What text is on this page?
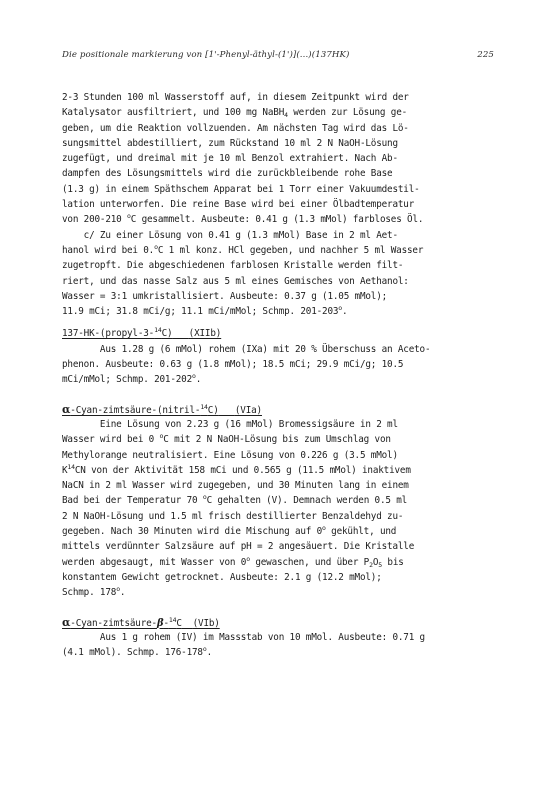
Die positionale markierung von [1'-Phenyl-äthyl-(1')](...)(137HK)	225
2-3 Stunden 100 ml Wasserstoff auf, in diesem Zeitpunkt wird der
Katalysator ausfiltriert, und 100 mg NaBH$_4$ werden zur Lösung ge-
geben, um die Reaktion vollzuenden. Am nächsten Tag wird das Lö-
sungsmittel abdestilliert, zum Rückstand 10 ml 2 N NaOH-Lösung
zugefügt, und dreimal mit je 10 ml Benzol extrahiert. Nach Ab-
dampfen des Lösungsmittels wird die zurückbleibende rohe Base
(1.3 g) in einem Späthschem Apparat bei 1 Torr einer Vakuumdestil-
lation unterworfen. Die reine Base wird bei einer Ölbadtemperatur
von 200-210 $^o$C gesammelt. Ausbeute: 0.41 g (1.3 mMol) farbloses Öl.
c/ Zu einer Lösung von 0.41 g (1.3 mMol) Base in 2 ml Aet-
hanol wird bei 0.$^o$C 1 ml konz. HCl gegeben, und nachher 5 ml Wasser
zugetropft. Die abgeschiedenen farblosen Kristalle werden filt-
riert, und das nasse Salz aus 5 ml eines Gemisches von Aethanol:
Wasser = 3:1 umkristallisiert. Ausbeute: 0.37 g (1.05 mMol);
11.9 mCi; 31.8 mCi/g; 11.1 mCi/mMol; Schmp. 201-203$^o$.
137-HK-(propyl-3-$^{14}$C) (XIIb)
Aus 1.28 g (6 mMol) rohem (IXa) mit 20 % Überschuss an Aceto-
phenon. Ausbeute: 0.63 g (1.8 mMol); 18.5 mCi; 29.9 mCi/g; 10.5
mCi/mMol; Schmp. 201-202$^o$.
α-Cyan-zimtsäure-(nitril-$^{14}$C) (VIa)
Eine Lösung von 2.23 g (16 mMol) Bromessigsäure in 2 ml
Wasser wird bei 0 $^o$C mit 2 N NaOH-Lösung bis zum Umschlag von
Methylorange neutralisiert. Eine Lösung von 0.226 g (3.5 mMol)
$K^{14}CN$ von der Aktivität 158 mCi und 0.565 g (11.5 mMol) inaktivem
NaCN in 2 ml Wasser wird zugegeben, und 30 Minuten lang in einem
Bad bei der Temperatur 70 $^o$C gehalten (V). Demnach werden 0.5 ml
2 N NaOH-Lösung und 1.5 ml frisch destillierter Benzaldehyd zu-
gegeben. Nach 30 Minuten wird die Mischung auf 0$^o$ gekühlt, und
mittels verdünnter Salzsäure auf pH = 2 angesäuert. Die Kristalle
werden abgesaugt, mit Wasser von 0$^o$ gewaschen, und über $P_2O_5$ bis
konstantem Gewicht getrocknet. Ausbeute: 2.1 g (12.2 mMol);
Schmp. 178$^o$.
α-Cyan-zimtsäure-β-$^{14}$C (VIb)
Aus 1 g rohem (IV) im Massstab von 10 mMol. Ausbeute: 0.71 g
(4.1 mMol). Schmp. 176-178$^o$.
